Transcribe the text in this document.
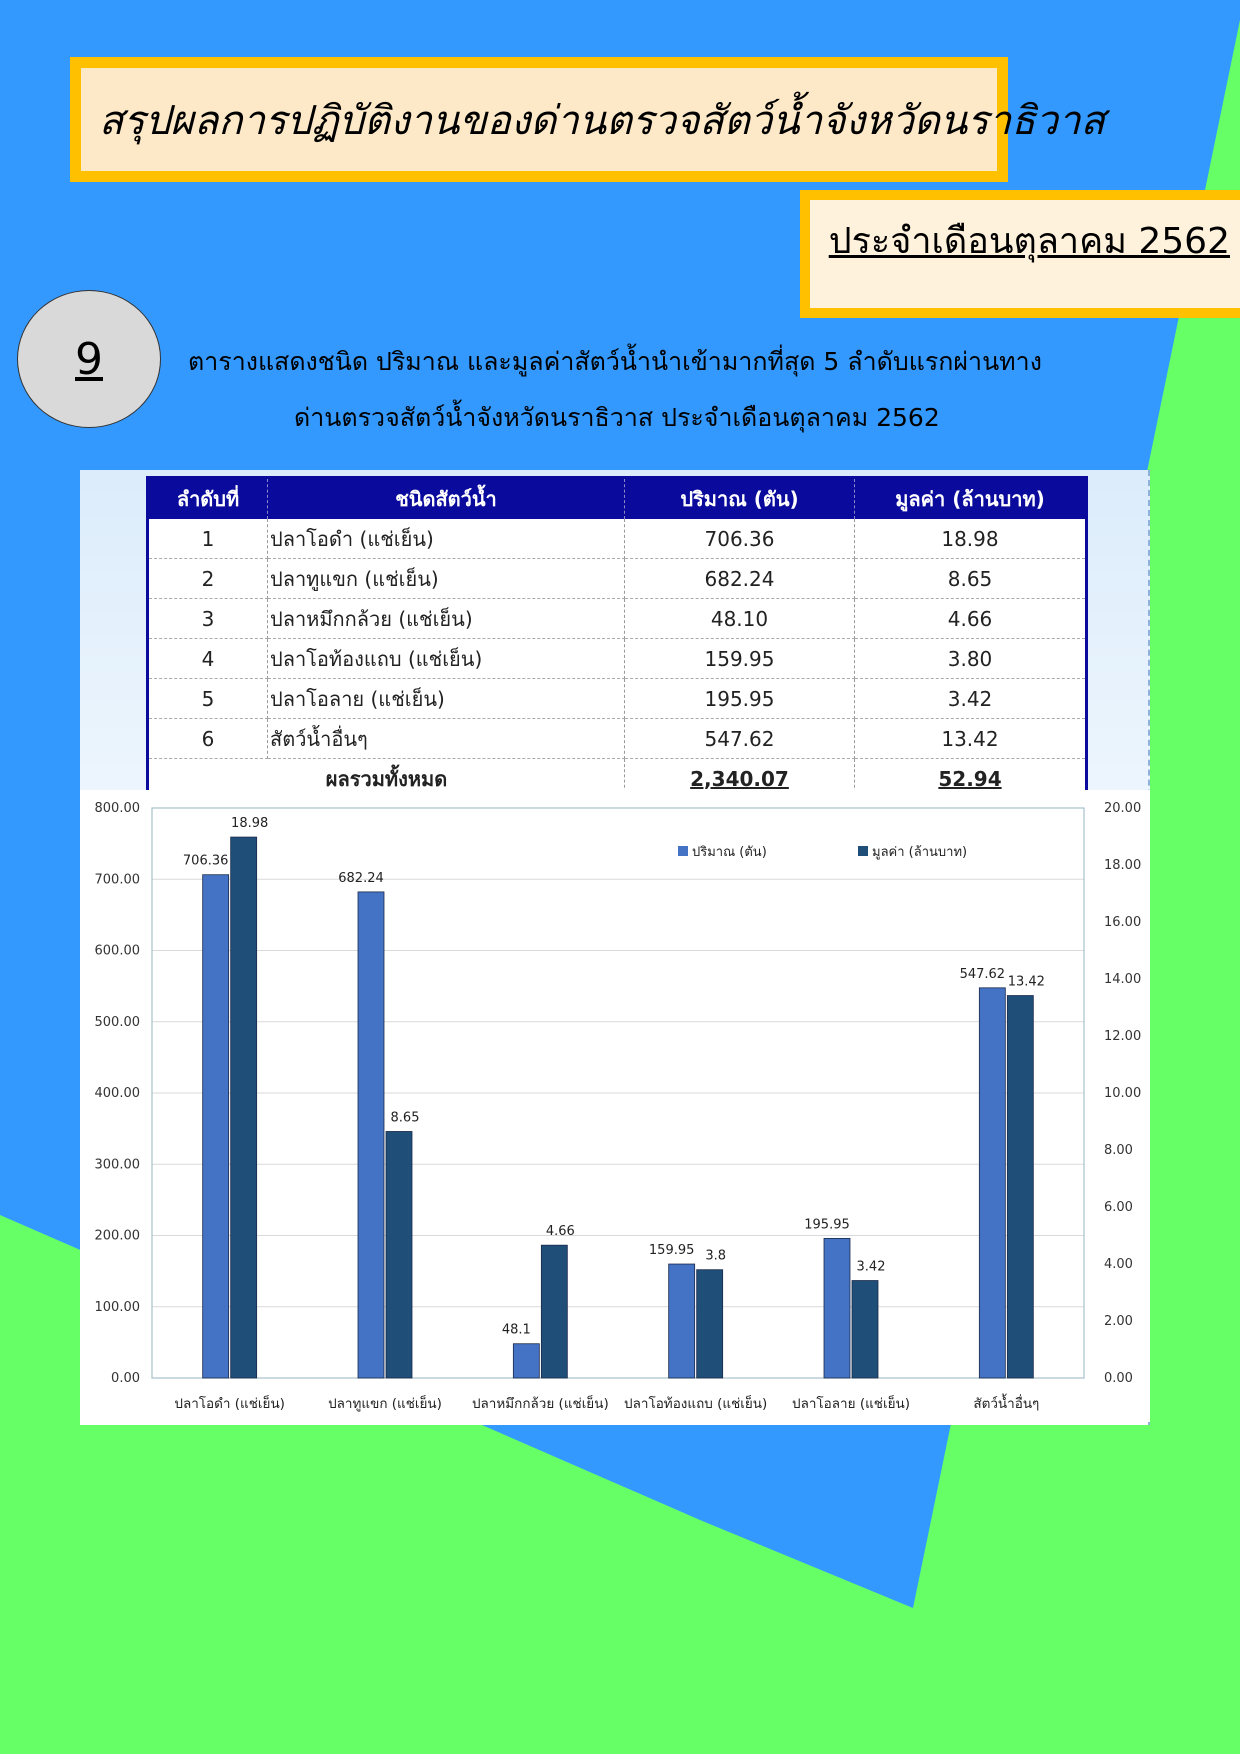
สรุปผลการปฏิบัติงานของด่านตรวจสัตว์น้ำจังหวัดนราธิวาส
ประจำเดือนตุลาคม 2562
9	ตารางแสดงชนิด ปริมาณ และมูลค่าสัตว์น้ำนำเข้ามากที่สุด 5 ลำดับแรกผ่านทาง
ด่านตรวจสัตว์น้ำจังหวัดนราธิวาส ประจำเดือนตุลาคม 2562
ลำดับที่	ชนิดสัตว์น้ำ	ปริมาณ (ตัน)	มูลค่า (ล้านบาท)
1	ปลาโอดำ (แช่เย็น)	706.36	18.98
2	ปลาทูแขก (แช่เย็น)	682.24	8.65
3	ปลาหมึกกล้วย (แช่เย็น)	48.10	4.66
4	ปลาโอท้องแถบ (แช่เย็น)	159.95	3.80
5	ปลาโอลาย (แช่เย็น)	195.95	3.42
6	สัตว์น้ำอื่นๆ	547.62	13.42
ผลรวมทั้งหมด		2,340.07	52.94
0.00
100.00
200.00
300.00
400.00
500.00
600.00
700.00
800.00
0.00
2.00
4.00
6.00
8.00
10.00
12.00
14.00
16.00
18.00
20.00
ปลาโอดำ (แช่เย็น)	ปลาทูแขก (แช่เย็น) ปลาหมึกกล้วย (แช่เย็น) ปลาโอท้องแถบ (แช่เย็น) ปลาโอลาย (แช่เย็น)	สัตว์น้ำอื่นๆ
706.36
682.24
48.1
159.95
195.95
547.62
18.98
8.65
4.66
3.8
3.42
13.42
ปริมาณ (ตัน)	มูลค่า (ล้านบาท)
